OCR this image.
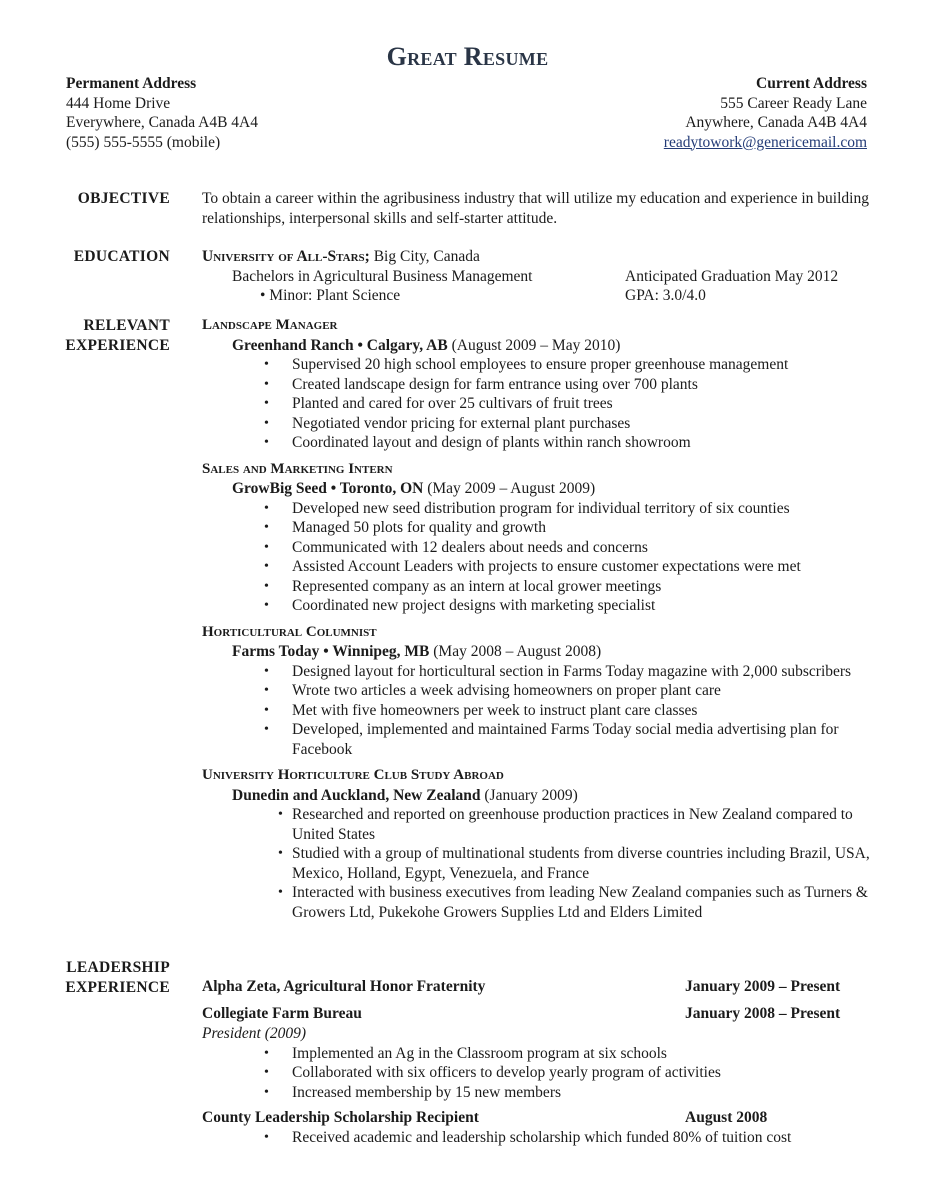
Great Resume
Permanent Address
444 Home Drive
Everywhere, Canada A4B 4A4
(555) 555-5555 (mobile)
Current Address
555 Career Ready Lane
Anywhere, Canada A4B 4A4
readytowork@genericemail.com
OBJECTIVE To obtain a career within the agribusiness industry that will utilize my education and experience in building relationships, interpersonal skills and self-starter attitude.
EDUCATION University of All-Stars; Big City, Canada
Bachelors in Agricultural Business Management	Anticipated Graduation May 2012
• Minor: Plant Science	GPA: 3.0/4.0
RELEVANT
EXPERIENCE
Landscape Manager
Greenhand Ranch • Calgary, AB (August 2009 – May 2010)
• Supervised 20 high school employees to ensure proper greenhouse management
• Created landscape design for farm entrance using over 700 plants
• Planted and cared for over 25 cultivars of fruit trees
• Negotiated vendor pricing for external plant purchases
• Coordinated layout and design of plants within ranch showroom
Sales and Marketing Intern
GrowBig Seed • Toronto, ON (May 2009 – August 2009)
• Developed new seed distribution program for individual territory of six counties
• Managed 50 plots for quality and growth
• Communicated with 12 dealers about needs and concerns
• Assisted Account Leaders with projects to ensure customer expectations were met
• Represented company as an intern at local grower meetings
• Coordinated new project designs with marketing specialist
Horticultural Columnist
Farms Today • Winnipeg, MB (May 2008 – August 2008)
• Designed layout for horticultural section in Farms Today magazine with 2,000 subscribers
• Wrote two articles a week advising homeowners on proper plant care
• Met with five homeowners per week to instruct plant care classes
• Developed, implemented and maintained Farms Today social media advertising plan for Facebook
University Horticulture Club Study Abroad
Dunedin and Auckland, New Zealand (January 2009)
• Researched and reported on greenhouse production practices in New Zealand compared to United States
• Studied with a group of multinational students from diverse countries including Brazil, USA, Mexico, Holland, Egypt, Venezuela, and France
• Interacted with business executives from leading New Zealand companies such as Turners & Growers Ltd, Pukekohe Growers Supplies Ltd and Elders Limited
LEADERSHIP
EXPERIENCE Alpha Zeta, Agricultural Honor Fraternity	January 2009 – Present
Collegiate Farm Bureau	January 2008 – Present
President (2009)
• Implemented an Ag in the Classroom program at six schools
• Collaborated with six officers to develop yearly program of activities
• Increased membership by 15 new members
County Leadership Scholarship Recipient	August 2008
• Received academic and leadership scholarship which funded 80% of tuition cost
